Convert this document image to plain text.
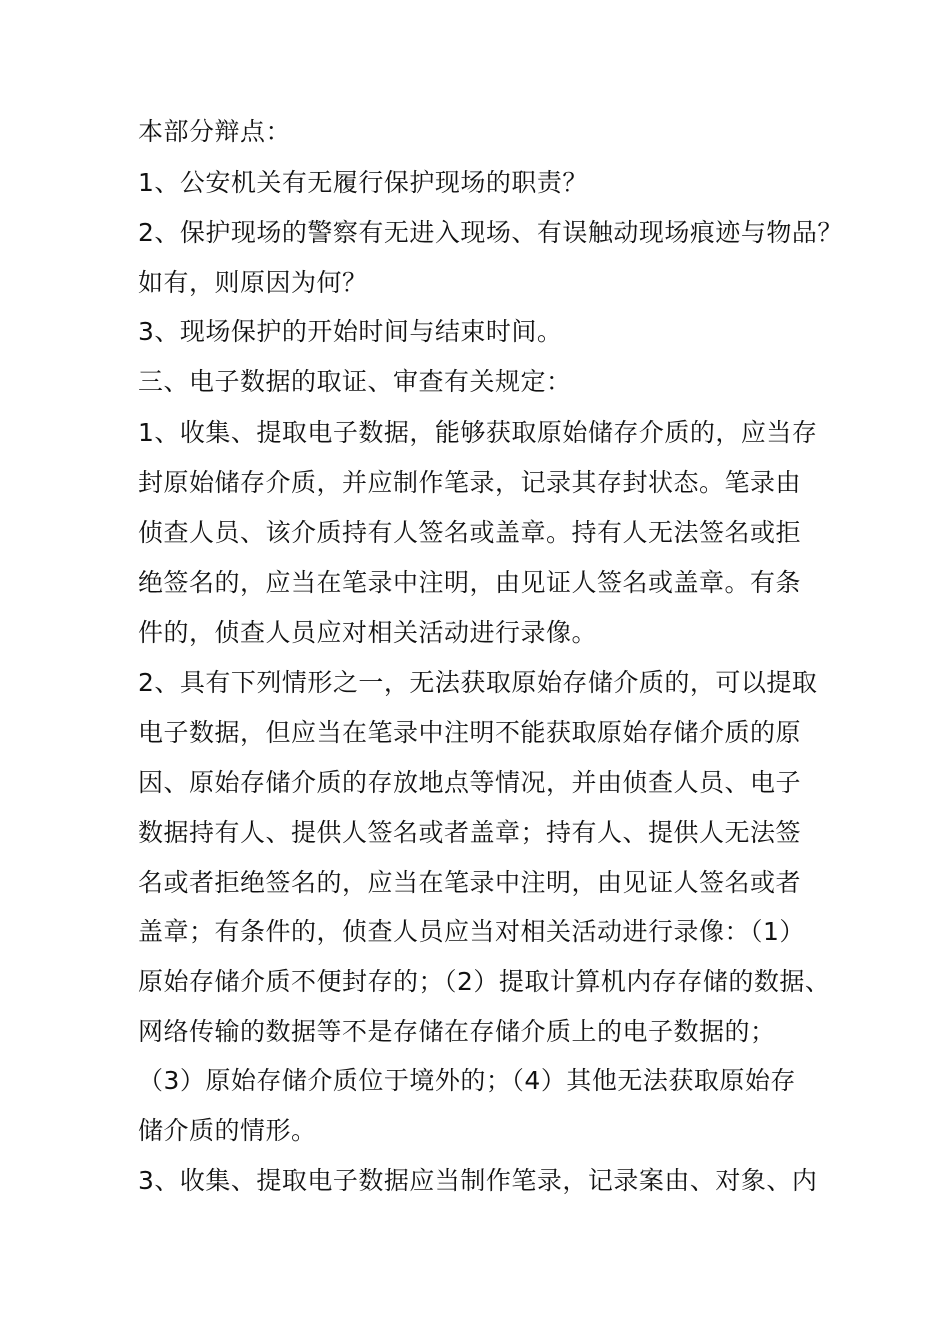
本部分辩点：
1、公安机关有无履行保护现场的职责？
2、保护现场的警察有无进入现场、有误触动现场痕迹与物品？
如有，则原因为何？
3、现场保护的开始时间与结束时间。
三、电子数据的取证、审查有关规定：
1、收集、提取电子数据，能够获取原始储存介质的，应当存
封原始储存介质，并应制作笔录，记录其存封状态。笔录由
侦查人员、该介质持有人签名或盖章。持有人无法签名或拒
绝签名的，应当在笔录中注明，由见证人签名或盖章。有条
件的，侦查人员应对相关活动进行录像。
2、具有下列情形之一，无法获取原始存储介质的，可以提取
电子数据，但应当在笔录中注明不能获取原始存储介质的原
因、原始存储介质的存放地点等情况，并由侦查人员、电子
数据持有人、提供人签名或者盖章；持有人、提供人无法签
名或者拒绝签名的，应当在笔录中注明，由见证人签名或者
盖章；有条件的，侦查人员应当对相关活动进行录像：（1）
原始存储介质不便封存的；（2）提取计算机内存存储的数据、
网络传输的数据等不是存储在存储介质上的电子数据的；
（3）原始存储介质位于境外的；（4）其他无法获取原始存
储介质的情形。
3、收集、提取电子数据应当制作笔录，记录案由、对象、内
